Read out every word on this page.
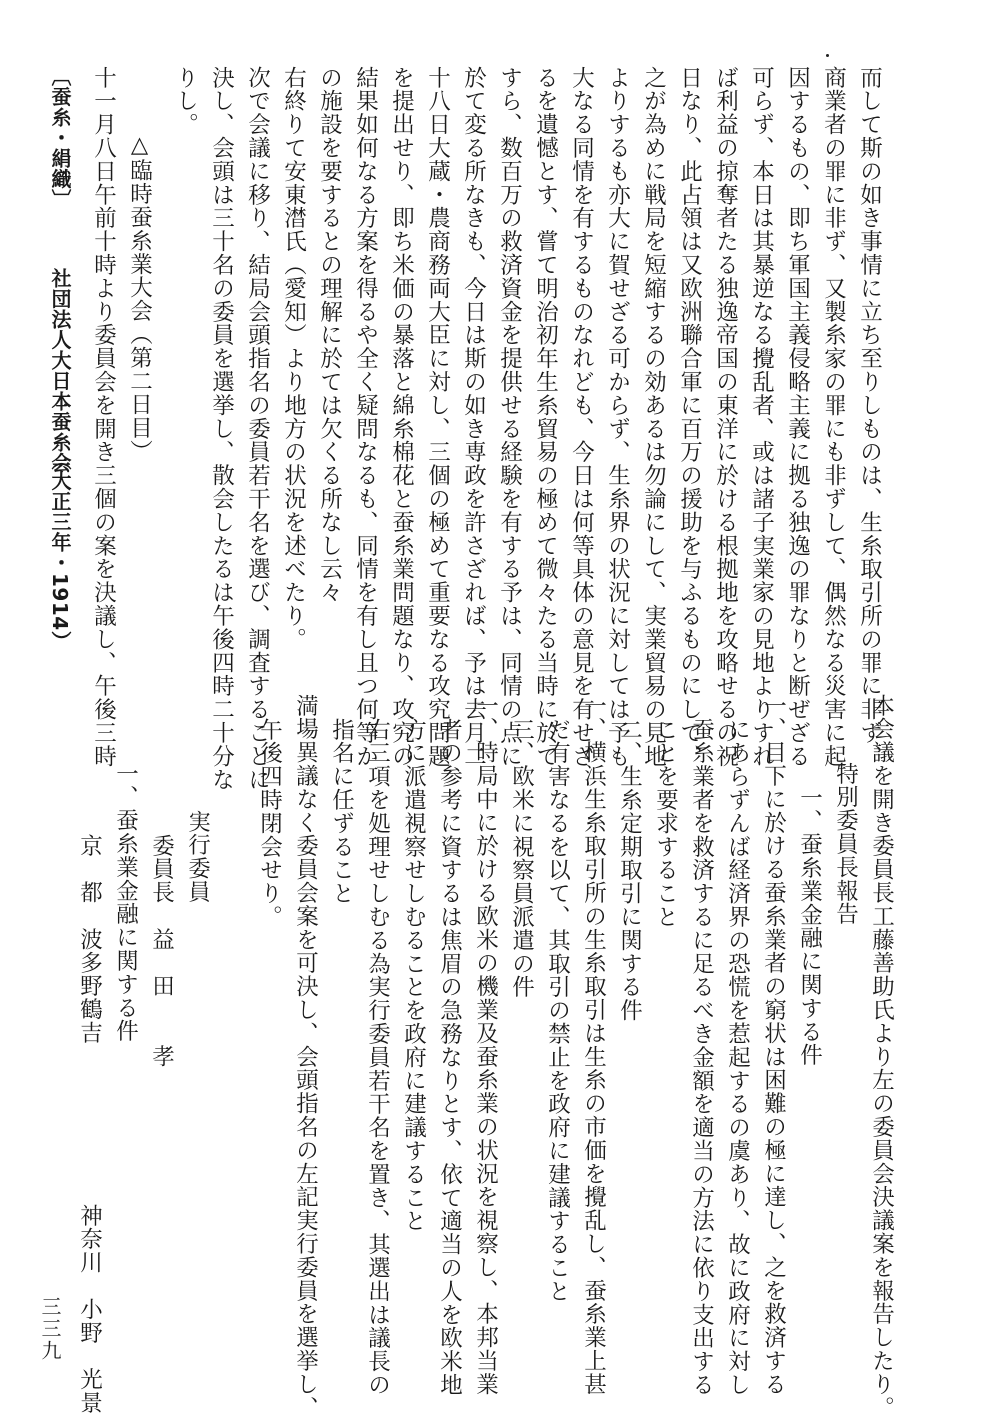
而して斯の如き事情に立ち至りしものは、生糸取引所の罪に非ず、
商業者の罪に非ず、又製糸家の罪にも非ずして、偶然なる災害に起
因するもの、即ち軍国主義侵略主義に拠る独逸の罪なりと断ぜざる
可らず、本日は其暴逆なる攪乱者、或は諸子実業家の見地よりすれ
ば利益の掠奪者たる独逸帝国の東洋に於ける根拠地を攻略せるの祝
日なり、此占領は又欧洲聯合軍に百万の援助を与ふるものにして、
之が為めに戦局を短縮するの効あるは勿論にして、実業貿易の見地
よりするも亦大に賀せざる可からず、生糸界の状況に対しては予も
大なる同情を有するものなれども、今日は何等具体の意見を有せざ
るを遺憾とす、嘗て明治初年生糸貿易の極めて微々たる当時に於て
すら、数百万の救済資金を提供せる経験を有する予は、同情の点に
於て変る所なきも、今日は斯の如き専政を許さざれば、予は去月二
十八日大蔵・農商務両大臣に対し、三個の極めて重要なる攻究問題
を提出せり、即ち米価の暴落と綿糸棉花と蚕糸業問題なり、攻究の
結果如何なる方案を得るや全く疑問なるも、同情を有し且つ何等か
の施設を要するとの理解に於ては欠くる所なし云々
右終りて安東澘氏（愛知）より地方の状況を述べたり。
次で会議に移り、結局会頭指名の委員若干名を選び、調査することに
決し、会頭は三十名の委員を選挙し、散会したるは午後四時二十分な
りし。
△臨時蚕糸業大会（第二日目）
十一月八日午前十時より委員会を開き三個の案を決議し、午後三時
〔蚕糸・絹織〕
社団法人大日本蚕糸会
（大正三年・1914）
本会議を開き委員長工藤善助氏より左の委員会決議案を報告したり。
特別委員長報告
一、蚕糸業金融に関する件
一、目下に於ける蚕糸業者の窮状は困難の極に達し、之を救済する
にあらずんば経済界の恐慌を惹起するの虞あり、故に政府に対し
蚕糸業者を救済するに足るべき金額を適当の方法に依り支出する
ことを要求すること
二、生糸定期取引に関する件
一、横浜生糸取引所の生糸取引は生糸の市価を攪乱し、蚕糸業上甚
だ有害なるを以て、其取引の禁止を政府に建議すること
三、欧米に視察員派遣の件
一、時局中に於ける欧米の機業及蚕糸業の状況を視察し、本邦当業
者の参考に資するは焦眉の急務なりとす、依て適当の人を欧米地
方に派遣視察せしむることを政府に建議すること
右三項を処理せしむる為実行委員若干名を置き、其選出は議長の
指名に任ずること
満場異議なく委員会案を可決し、会頭指名の左記実行委員を選挙し、
午後四時閉会せり。
実行委員
委員長　益　田　　孝
一、蚕糸業金融に関する件
京　都　波多野鶴吉
神奈川　小野　光景
三三九
